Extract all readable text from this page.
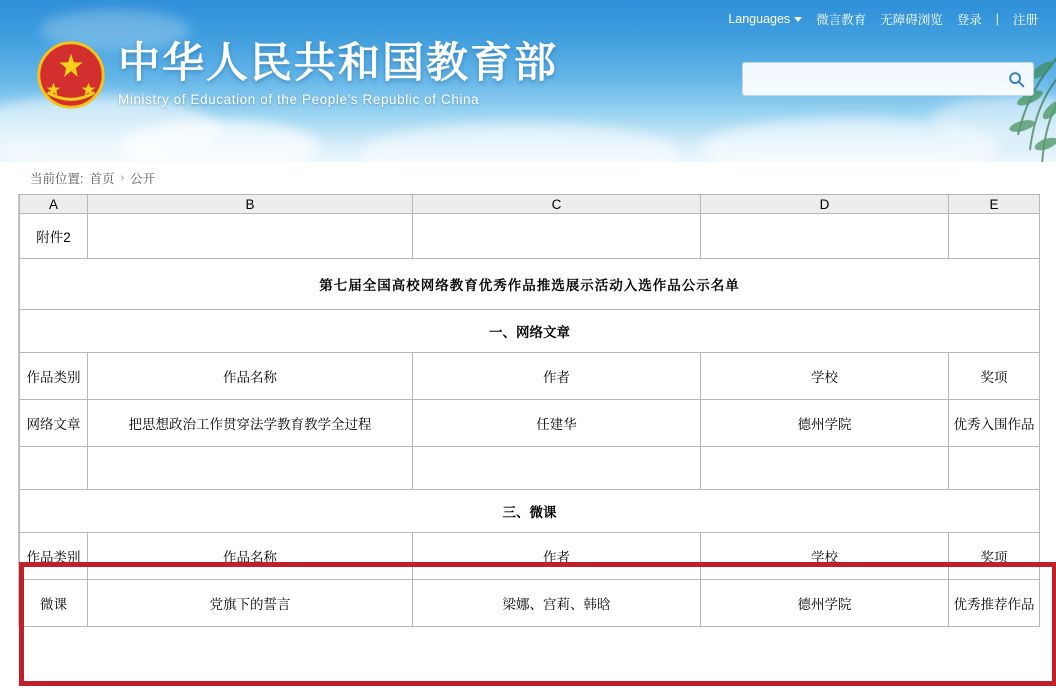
Languages 微言教育 无障碍浏览 登录 | 注册
中华人民共和国教育部
Ministry of Education of the People's Republic of China
当前位置: 首页 › 公开
A	B	C	D	E
附件2				
第七届全国高校网络教育优秀作品推选展示活动入选作品公示名单				
一、网络文章				
作品类别	作品名称	作者	学校	奖项
网络文章	把思想政治工作贯穿法学教育教学全过程	任建华	德州学院	优秀入围作品

三、微课				
作品类别	作品名称	作者	学校	奖项
微课	党旗下的誓言	梁娜、宫莉、韩晗	德州学院	优秀推荐作品
